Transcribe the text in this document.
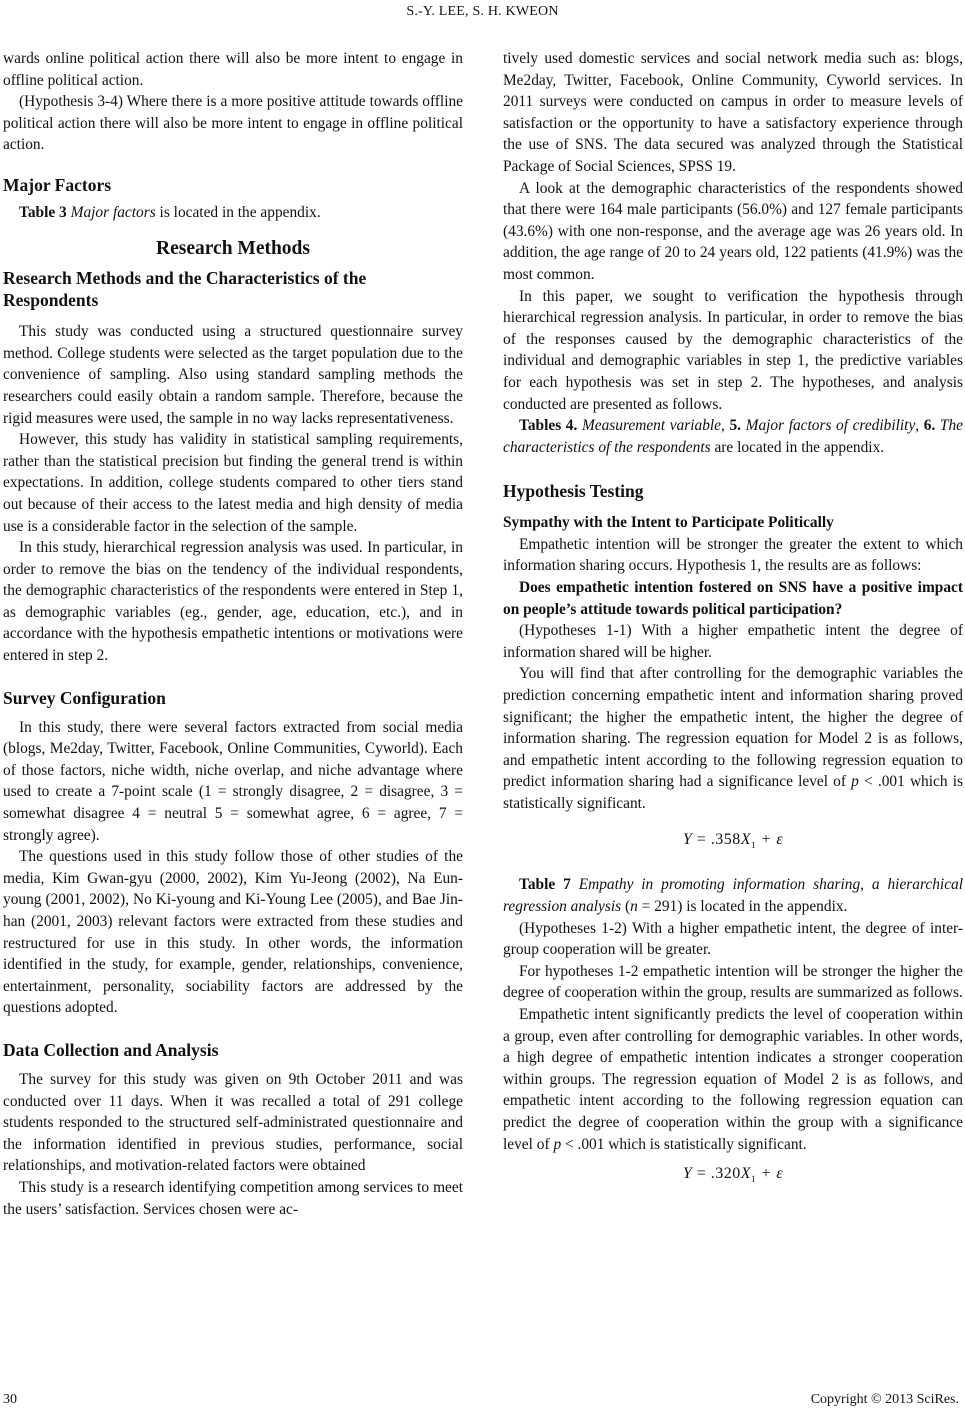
S.-Y. LEE, S. H. KWEON

wards online political action there will also be more intent to engage in offline political action.

(Hypothesis 3-4) Where there is a more positive attitude towards offline political action there will also be more intent to engage in offline political action.

Major Factors

Table 3 Major factors is located in the appendix.

Research Methods
Research Methods and the Characteristics of the Respondents

This study was conducted using a structured questionnaire survey method. College students were selected as the target population due to the convenience of sampling. Also using standard sampling methods the researchers could easily obtain a random sample. Therefore, because the rigid measures were used, the sample in no way lacks representativeness.

However, this study has validity in statistical sampling requirements, rather than the statistical precision but finding the general trend is within expectations. In addition, college students compared to other tiers stand out because of their access to the latest media and high density of media use is a considerable factor in the selection of the sample.

In this study, hierarchical regression analysis was used. In particular, in order to remove the bias on the tendency of the individual respondents, the demographic characteristics of the respondents were entered in Step 1, as demographic variables (eg., gender, age, education, etc.), and in accordance with the hypothesis empathetic intentions or motivations were entered in step 2.

Survey Configuration

In this study, there were several factors extracted from social media (blogs, Me2day, Twitter, Facebook, Online Communities, Cyworld). Each of those factors, niche width, niche overlap, and niche advantage where used to create a 7-point scale (1 = strongly disagree, 2 = disagree, 3 = somewhat disagree 4 = neutral 5 = somewhat agree, 6 = agree, 7 = strongly agree).

The questions used in this study follow those of other studies of the media, Kim Gwan-gyu (2000, 2002), Kim Yu-Jeong (2002), Na Eun-young (2001, 2002), No Ki-young and Ki-Young Lee (2005), and Bae Jin-han (2001, 2003) relevant factors were extracted from these studies and restructured for use in this study. In other words, the information identified in the study, for example, gender, relationships, convenience, entertainment, personality, sociability factors are addressed by the questions adopted.

Data Collection and Analysis

The survey for this study was given on 9th October 2011 and was conducted over 11 days. When it was recalled a total of 291 college students responded to the structured self-administrated questionnaire and the information identified in previous studies, performance, social relationships, and motivation-related factors were obtained

This study is a research identifying competition among services to meet the users’ satisfaction. Services chosen were ac-

tively used domestic services and social network media such as: blogs, Me2day, Twitter, Facebook, Online Community, Cyworld services. In 2011 surveys were conducted on campus in order to measure levels of satisfaction or the opportunity to have a satisfactory experience through the use of SNS. The data secured was analyzed through the Statistical Package of Social Sciences, SPSS 19.

A look at the demographic characteristics of the respondents showed that there were 164 male participants (56.0%) and 127 female participants (43.6%) with one non-response, and the average age was 26 years old. In addition, the age range of 20 to 24 years old, 122 patients (41.9%) was the most common.

In this paper, we sought to verification the hypothesis through hierarchical regression analysis. In particular, in order to remove the bias of the responses caused by the demographic characteristics of the individual and demographic variables in step 1, the predictive variables for each hypothesis was set in step 2. The hypotheses, and analysis conducted are presented as follows.

Tables 4. Measurement variable, 5. Major factors of credibility, 6. The characteristics of the respondents are located in the appendix.

Hypothesis Testing
Sympathy with the Intent to Participate Politically

Empathetic intention will be stronger the greater the extent to which information sharing occurs. Hypothesis 1, the results are as follows:

Does empathetic intention fostered on SNS have a positive impact on people’s attitude towards political participation?

(Hypotheses 1-1) With a higher empathetic intent the degree of information shared will be higher.

You will find that after controlling for the demographic variables the prediction concerning empathetic intent and information sharing proved significant; the higher the empathetic intent, the higher the degree of information sharing. The regression equation for Model 2 is as follows, and empathetic intent according to the following regression equation to predict information sharing had a significance level of p < .001 which is statistically significant.

$Y = .358X_1 + \varepsilon$

Table 7 Empathy in promoting information sharing, a hierarchical regression analysis (n = 291) is located in the appendix.

(Hypotheses 1-2) With a higher empathetic intent, the degree of inter-group cooperation will be greater.

For hypotheses 1-2 empathetic intention will be stronger the higher the degree of cooperation within the group, results are summarized as follows.

Empathetic intent significantly predicts the level of cooperation within a group, even after controlling for demographic variables. In other words, a high degree of empathetic intention indicates a stronger cooperation within groups. The regression equation of Model 2 is as follows, and empathetic intent according to the following regression equation can predict the degree of cooperation within the group with a significance level of p < .001 which is statistically significant.

$Y = .320X_1 + \varepsilon$
30	Copyright © 2013 SciRes.
